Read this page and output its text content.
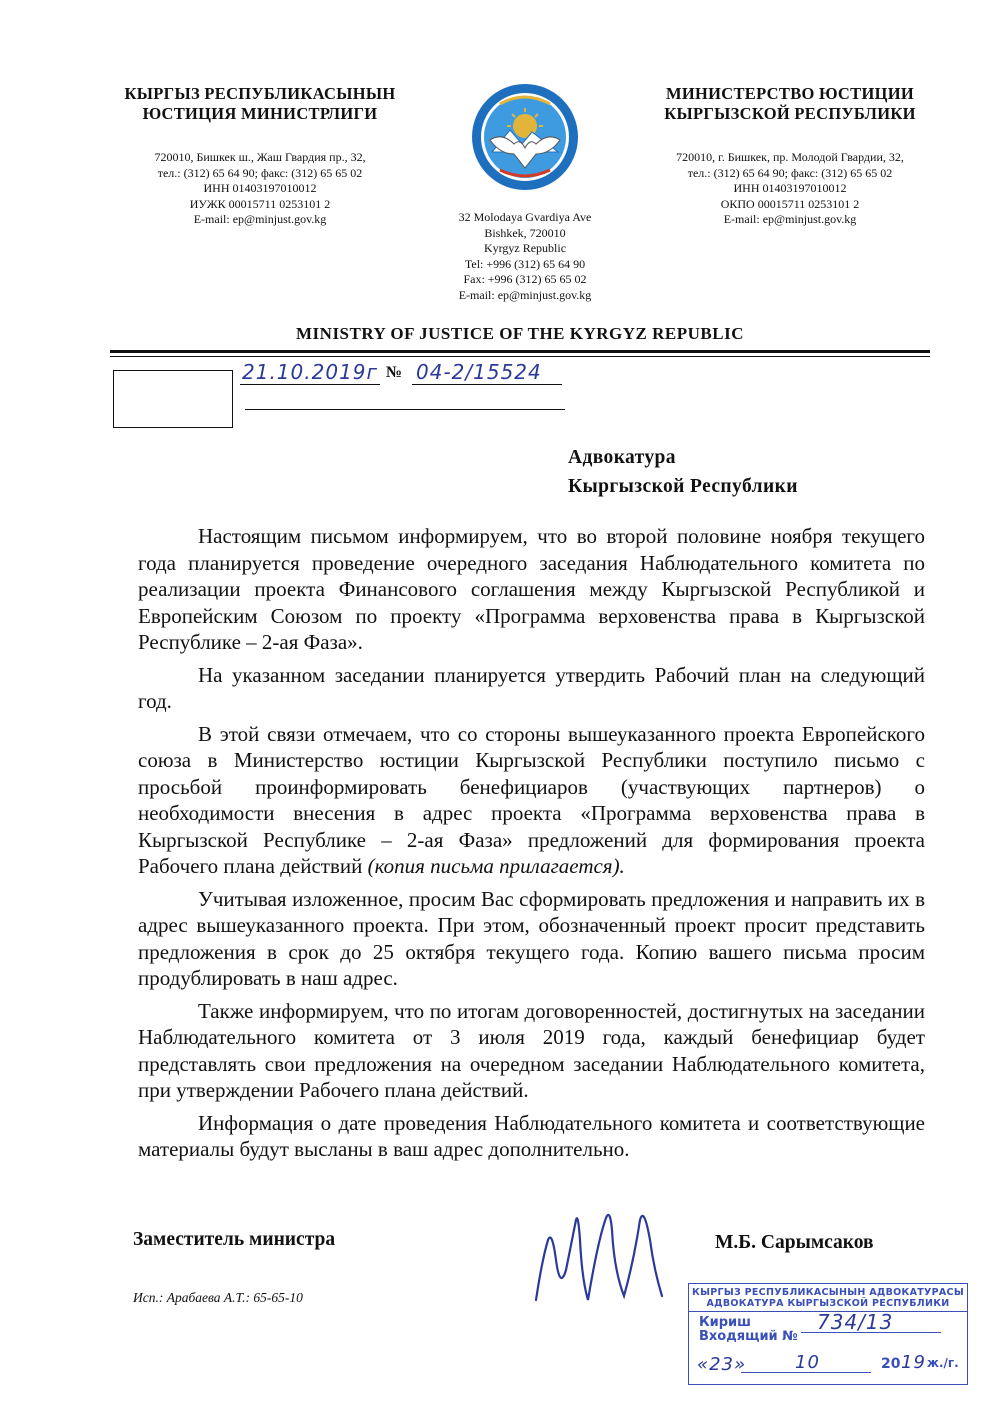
КЫРГЫЗ РЕСПУБЛИКАСЫНЫН
ЮСТИЦИЯ МИНИСТРЛИГИ
720010, Бишкек ш., Жаш Гвардия пр., 32,
тел.: (312) 65 64 90; факс: (312) 65 65 02
ИНН 01403197010012
ИУЖК 00015711 0253101 2
E-mail: ep@minjust.gov.kg	32 Molodaya Gvardiya Ave
Bishkek, 720010
Kyrgyz Republic
Tel: +996 (312) 65 64 90
Fax: +996 (312) 65 65 02
E-mail: ep@minjust.gov.kg
МИНИСТЕРСТВО ЮСТИЦИИ
КЫРГЫЗСКОЙ РЕСПУБЛИКИ
720010, г. Бишкек, пр. Молодой Гвардии, 32,
тел.: (312) 65 64 90; факс: (312) 65 65 02
ИНН 01403197010012
ОКПО 00015711 0253101 2
E-mail: ep@minjust.gov.kg
MINISTRY OF JUSTICE OF THE KYRGYZ REPUBLIC
21.10.2019г № 04-2/15524
Адвокатура
Кыргызской Республики

Настоящим письмом информируем, что во второй половине ноября текущего года планируется проведение очередного заседания Наблюдательного комитета по реализации проекта Финансового соглашения между Кыргызской Республикой и Европейским Союзом по проекту «Программа верховенства права в Кыргызской Республике – 2-ая Фаза».

На указанном заседании планируется утвердить Рабочий план на следующий год.

В этой связи отмечаем, что со стороны вышеуказанного проекта Европейского союза в Министерство юстиции Кыргызской Республики поступило письмо с просьбой проинформировать бенефициаров (участвующих партнеров) о необходимости внесения в адрес проекта «Программа верховенства права в Кыргызской Республике – 2-ая Фаза» предложений для формирования проекта Рабочего плана действий (копия письма прилагается).

Учитывая изложенное, просим Вас сформировать предложения и направить их в адрес вышеуказанного проекта. При этом, обозначенный проект просит представить предложения в срок до 25 октября текущего года. Копию вашего письма просим продублировать в наш адрес.

Также информируем, что по итогам договоренностей, достигнутых на заседании Наблюдательного комитета от 3 июля 2019 года, каждый бенефициар будет представлять свои предложения на очередном заседании Наблюдательного комитета, при утверждении Рабочего плана действий.

Информация о дате проведения Наблюдательного комитета и соответствующие материалы будут высланы в ваш адрес дополнительно.

Заместитель министра	М.Б. Сарымсаков
Исп.: Арабаева А.Т.: 65-65-10	КЫРГЫЗ РЕСПУБЛИКАСЫНЫН АДВОКАТУРАСЫ
АДВОКАТУРА КЫРГЫЗСКОЙ РЕСПУБЛИКИ
Кириш
Входящий №
734/13
«23»	10	20 19 ж./г.
